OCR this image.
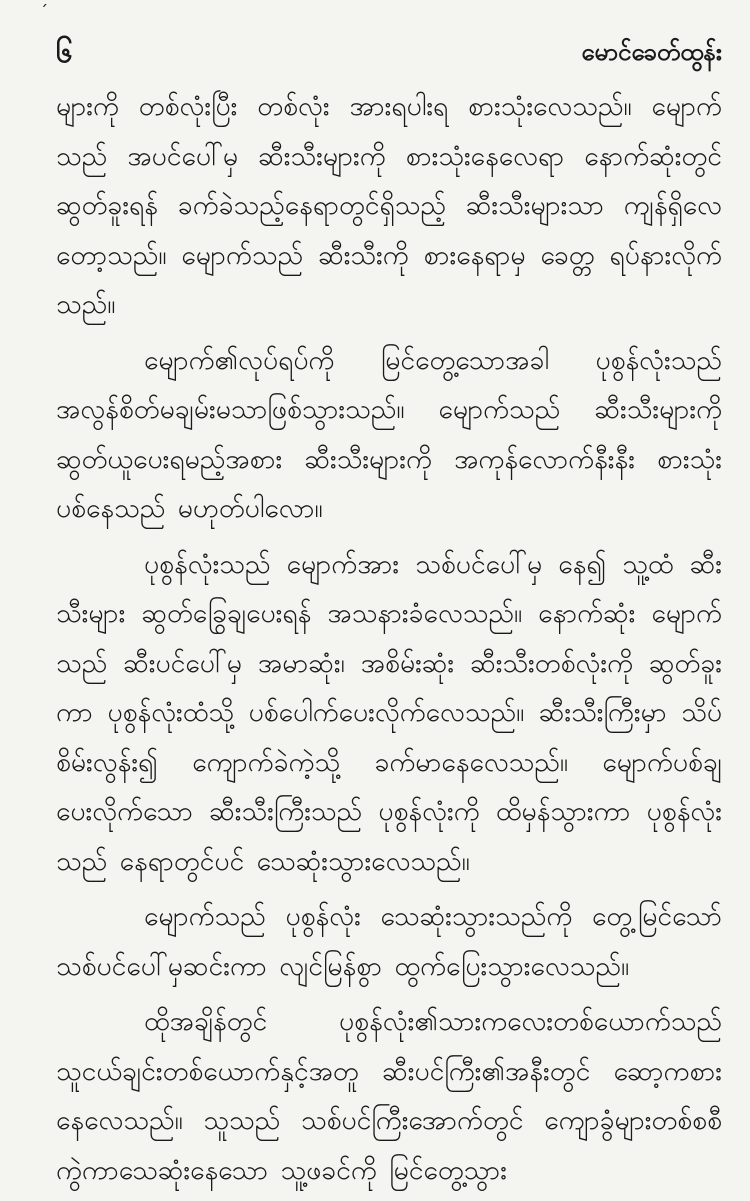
ˊ
၆	မောင်ခေတ်ထွန်း

များကို တစ်လုံးပြီး တစ်လုံး အားရပါးရ စားသုံးလေသည်။ မျောက်သည် အပင်ပေါ်မှ ဆီးသီးများကို စားသုံးနေလေရာ နောက်ဆုံးတွင် ဆွတ်ခူးရန် ခက်ခဲသည့်နေရာတွင်ရှိသည့် ဆီးသီးများသာ ကျန်ရှိလေတော့သည်။ မျောက်သည် ဆီးသီးကို စားနေရာမှ ခေတ္တ ရပ်နားလိုက်သည်။

မျောက်၏လုပ်ရပ်ကို မြင်တွေ့သောအခါ ပုစွန်လုံးသည် အလွန်စိတ်မချမ်းမသာဖြစ်သွားသည်။ မျောက်သည် ဆီးသီးများကို ဆွတ်ယူပေးရမည့်အစား ဆီးသီးများကို အကုန်လောက်နီးနီး စားသုံးပစ်နေသည် မဟုတ်ပါလော။

ပုစွန်လုံးသည် မျောက်အား သစ်ပင်ပေါ်မှ နေ၍ သူ့ထံ ဆီးသီးများ ဆွတ်ခြွေချပေးရန် အသနားခံလေသည်။ နောက်ဆုံး မျောက်သည် ဆီးပင်ပေါ်မှ အမာဆုံး၊ အစိမ်းဆုံး ဆီးသီးတစ်လုံးကို ဆွတ်ခူးကာ ပုစွန်လုံးထံသို့ ပစ်ပေါက်ပေးလိုက်လေသည်။ ဆီးသီးကြီးမှာ သိပ်စိမ်းလွန်း၍ ကျောက်ခဲကဲ့သို့ ခက်မာနေလေသည်။ မျောက်ပစ်ချပေးလိုက်သော ဆီးသီးကြီးသည် ပုစွန်လုံးကို ထိမှန်သွားကာ ပုစွန်လုံးသည် နေရာတွင်ပင် သေဆုံးသွားလေသည်။

မျောက်သည် ပုစွန်လုံး သေဆုံးသွားသည်ကို တွေ့မြင်သော် သစ်ပင်ပေါ်မှဆင်းကာ လျင်မြန်စွာ ထွက်ပြေးသွားလေသည်။

ထိုအချိန်တွင် ပုစွန်လုံး၏သားကလေးတစ်ယောက်သည် သူငယ်ချင်းတစ်ယောက်နှင့်အတူ ဆီးပင်ကြီး၏အနီးတွင် ဆော့ကစားနေလေသည်။ သူသည် သစ်ပင်ကြီးအောက်တွင် ကျောခွံများတစ်စစီ ကွဲကာသေဆုံးနေသော သူ့ဖခင်ကို မြင်တွေ့သွား
